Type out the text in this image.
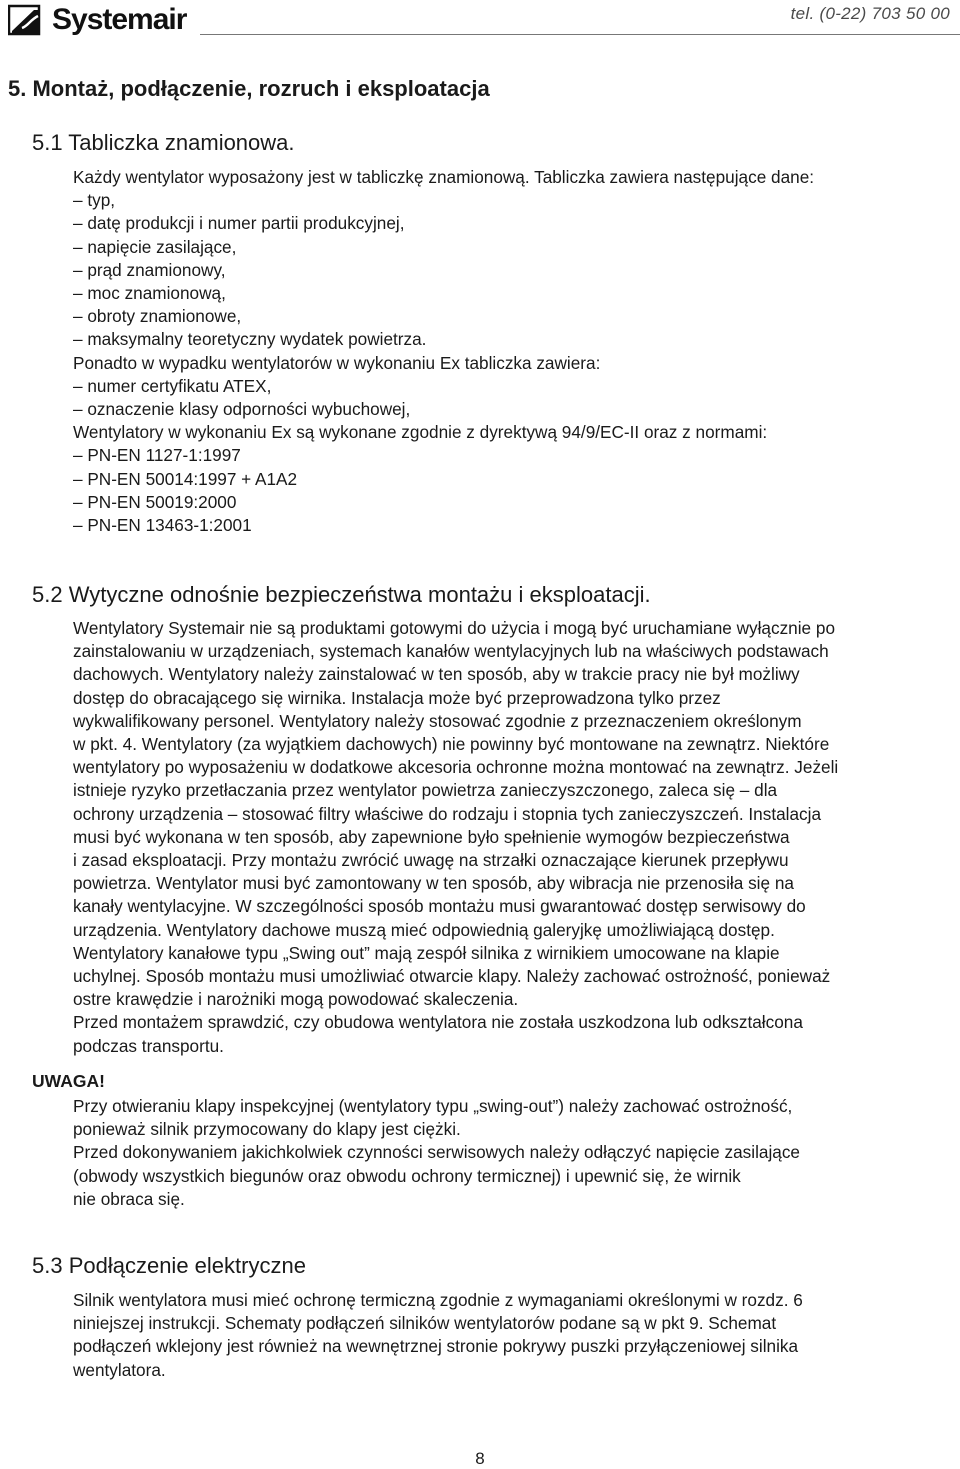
Systemair	tel. (0-22) 703 50 00
5. Montaż, podłączenie, rozruch i eksploatacja
5.1 Tabliczka znamionowa.
Każdy wentylator wyposażony jest w tabliczkę znamionową. Tabliczka zawiera następujące dane:
– typ,
– datę produkcji i numer partii produkcyjnej,
– napięcie zasilające,
– prąd znamionowy,
– moc znamionową,
– obroty znamionowe,
– maksymalny teoretyczny wydatek powietrza.
Ponadto w wypadku wentylatorów w wykonaniu Ex tabliczka zawiera:
– numer certyfikatu ATEX,
– oznaczenie klasy odporności wybuchowej,
Wentylatory w wykonaniu Ex są wykonane zgodnie z dyrektywą 94/9/EC-II oraz z normami:
– PN-EN 1127-1:1997
– PN-EN 50014:1997 + A1A2
– PN-EN 50019:2000
– PN-EN 13463-1:2001
5.2 Wytyczne odnośnie bezpieczeństwa montażu i eksploatacji.
Wentylatory Systemair nie są produktami gotowymi do użycia i mogą być uruchamiane wyłącznie po
zainstalowaniu w urządzeniach, systemach kanałów wentylacyjnych lub na właściwych podstawach
dachowych. Wentylatory należy zainstalować w ten sposób, aby w trakcie pracy nie był możliwy
dostęp do obracającego się wirnika. Instalacja może być przeprowadzona tylko przez
wykwalifikowany personel. Wentylatory należy stosować zgodnie z przeznaczeniem określonym
w pkt. 4. Wentylatory (za wyjątkiem dachowych) nie powinny być montowane na zewnątrz. Niektóre
wentylatory po wyposażeniu w dodatkowe akcesoria ochronne można montować na zewnątrz. Jeżeli
istnieje ryzyko przetłaczania przez wentylator powietrza zanieczyszczonego, zaleca się – dla
ochrony urządzenia – stosować filtry właściwe do rodzaju i stopnia tych zanieczyszczeń. Instalacja
musi być wykonana w ten sposób, aby zapewnione było spełnienie wymogów bezpieczeństwa
i zasad eksploatacji. Przy montażu zwrócić uwagę na strzałki oznaczające kierunek przepływu
powietrza. Wentylator musi być zamontowany w ten sposób, aby wibracja nie przenosiła się na
kanały wentylacyjne. W szczególności sposób montażu musi gwarantować dostęp serwisowy do
urządzenia. Wentylatory dachowe muszą mieć odpowiednią galeryjkę umożliwiającą dostęp.
Wentylatory kanałowe typu „Swing out” mają zespół silnika z wirnikiem umocowane na klapie
uchylnej. Sposób montażu musi umożliwiać otwarcie klapy. Należy zachować ostrożność, ponieważ
ostre krawędzie i narożniki mogą powodować skaleczenia.
Przed montażem sprawdzić, czy obudowa wentylatora nie została uszkodzona lub odkształcona
podczas transportu.
UWAGA!
Przy otwieraniu klapy inspekcyjnej (wentylatory typu „swing-out”) należy zachować ostrożność,
ponieważ silnik przymocowany do klapy jest ciężki.
Przed dokonywaniem jakichkolwiek czynności serwisowych należy odłączyć napięcie zasilające
(obwody wszystkich biegunów oraz obwodu ochrony termicznej) i upewnić się, że wirnik
nie obraca się.
5.3 Podłączenie elektryczne
Silnik wentylatora musi mieć ochronę termiczną zgodnie z wymaganiami określonymi w rozdz. 6
niniejszej instrukcji. Schematy podłączeń silników wentylatorów podane są w pkt 9. Schemat
podłączeń wklejony jest również na wewnętrznej stronie pokrywy puszki przyłączeniowej silnika
wentylatora.
8
